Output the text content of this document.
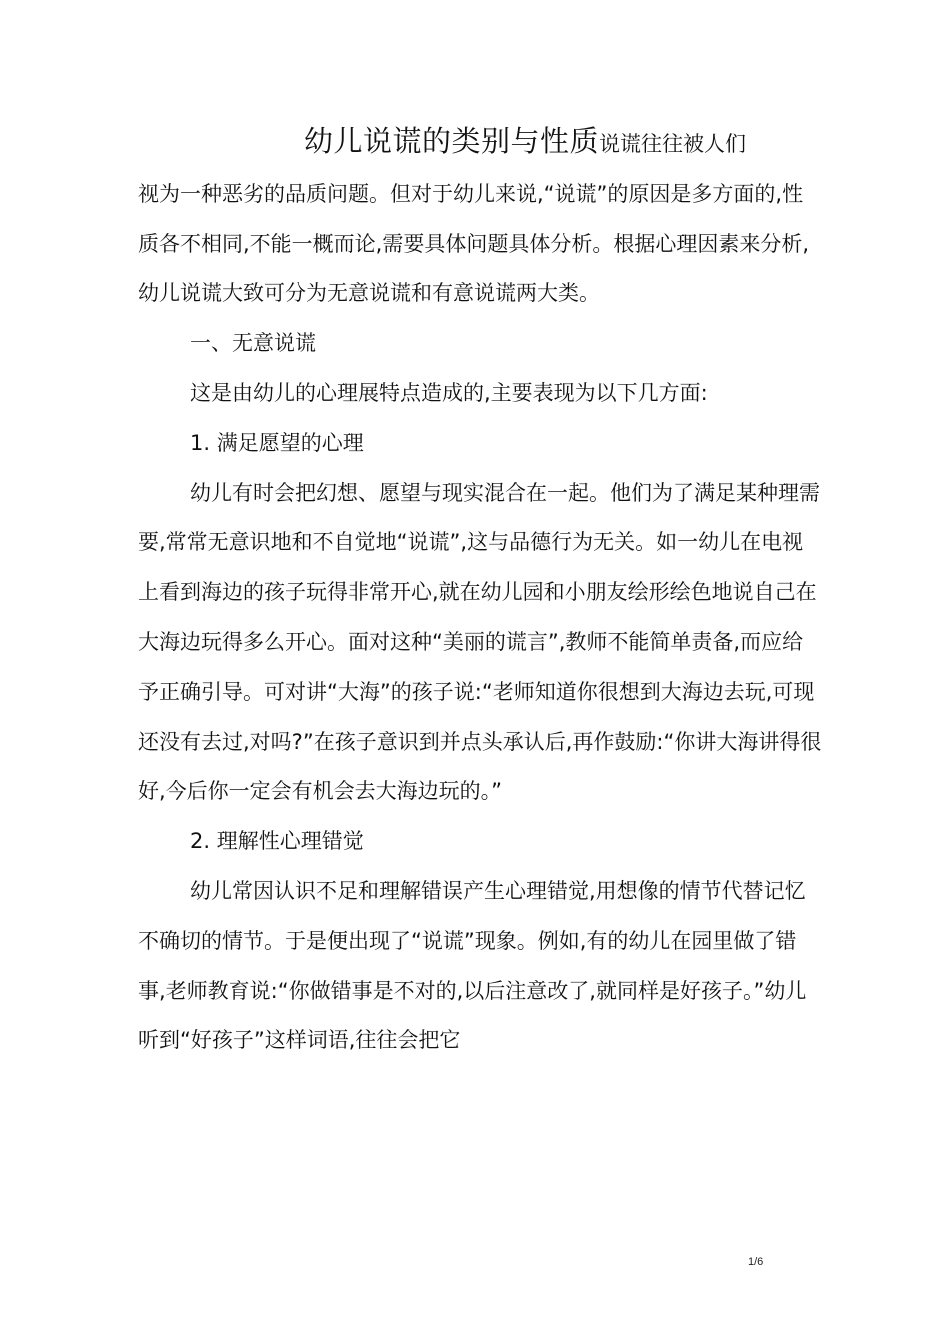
幼儿说谎的类别与性质说谎往往被人们

视为一种恶劣的品质问题。但对于幼儿来说,“说谎”的原因是多方面的,性质各不相同,不能一概而论,需要具体问题具体分析。根据心理因素来分析,幼儿说谎大致可分为无意说谎和有意说谎两大类。

一、无意说谎

这是由幼儿的心理展特点造成的,主要表现为以下几方面:

1. 满足愿望的心理

幼儿有时会把幻想、愿望与现实混合在一起。他们为了满足某种理需要,常常无意识地和不自觉地“说谎”,这与品德行为无关。如一幼儿在电视上看到海边的孩子玩得非常开心,就在幼儿园和小朋友绘形绘色地说自己在大海边玩得多么开心。面对这种“美丽的谎言”,教师不能简单责备,而应给予正确引导。可对讲“大海”的孩子说:“老师知道你很想到大海边去玩,可现还没有去过,对吗?”在孩子意识到并点头承认后,再作鼓励:“你讲大海讲得很好,今后你一定会有机会去大海边玩的。”

2. 理解性心理错觉

幼儿常因认识不足和理解错误产生心理错觉,用想像的情节代替记忆不确切的情节。于是便出现了“说谎”现象。例如,有的幼儿在园里做了错事,老师教育说:“你做错事是不对的,以后注意改了,就同样是好孩子。”幼儿听到“好孩子”这样词语,往往会把它

1/6
